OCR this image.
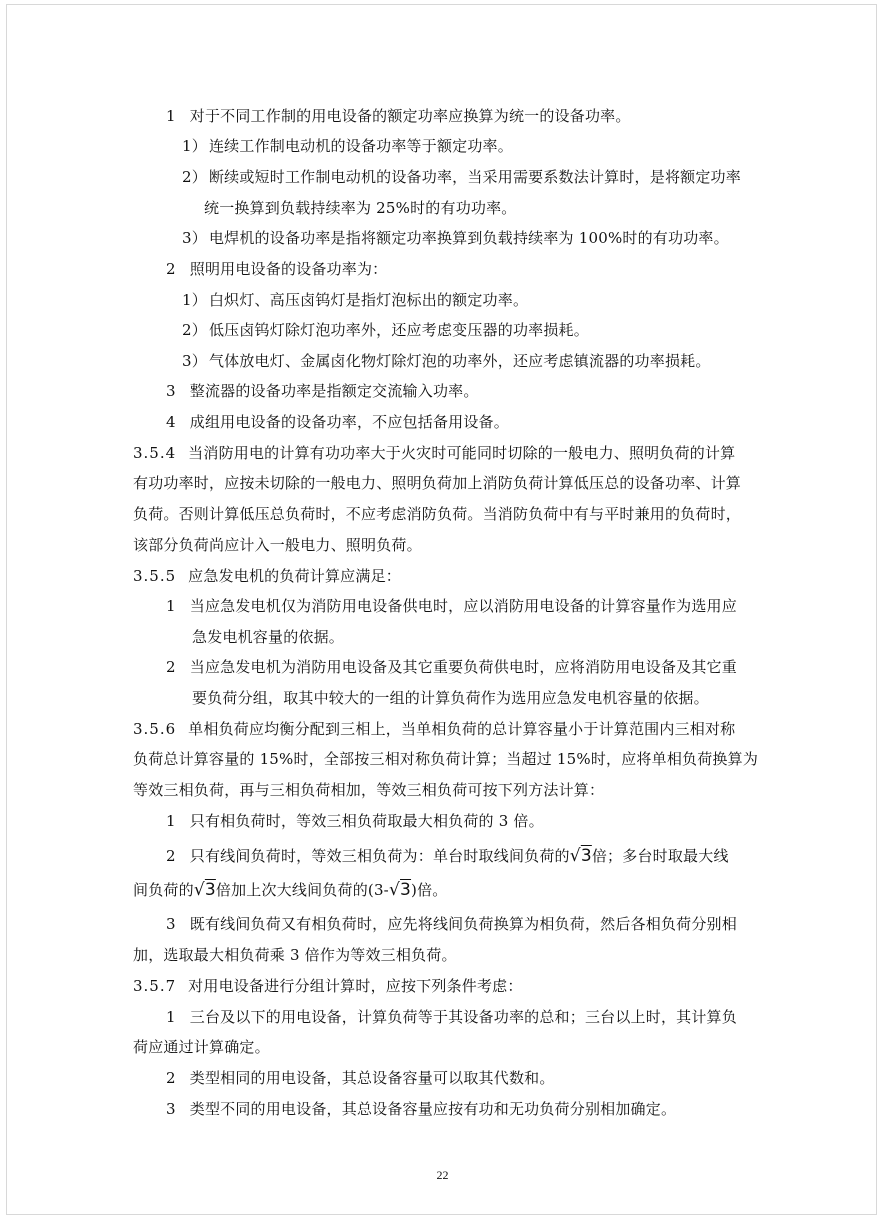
1 对于不同工作制的用电设备的额定功率应换算为统一的设备功率。
1） 连续工作制电动机的设备功率等于额定功率。
2） 断续或短时工作制电动机的设备功率，当采用需要系数法计算时，是将额定功率
统一换算到负载持续率为 25%时的有功功率。
3） 电焊机的设备功率是指将额定功率换算到负载持续率为 100%时的有功功率。
2 照明用电设备的设备功率为：
1） 白炽灯、高压卤钨灯是指灯泡标出的额定功率。
2） 低压卤钨灯除灯泡功率外，还应考虑变压器的功率损耗。
3） 气体放电灯、金属卤化物灯除灯泡的功率外，还应考虑镇流器的功率损耗。
3 整流器的设备功率是指额定交流输入功率。
4 成组用电设备的设备功率，不应包括备用设备。
3.5.4 当消防用电的计算有功功率大于火灾时可能同时切除的一般电力、照明负荷的计算
有功功率时，应按未切除的一般电力、照明负荷加上消防负荷计算低压总的设备功率、计算
负荷。否则计算低压总负荷时，不应考虑消防负荷。当消防负荷中有与平时兼用的负荷时，
该部分负荷尚应计入一般电力、照明负荷。
3.5.5 应急发电机的负荷计算应满足：
1 当应急发电机仅为消防用电设备供电时，应以消防用电设备的计算容量作为选用应
急发电机容量的依据。
2 当应急发电机为消防用电设备及其它重要负荷供电时，应将消防用电设备及其它重
要负荷分组，取其中较大的一组的计算负荷作为选用应急发电机容量的依据。
3.5.6 单相负荷应均衡分配到三相上，当单相负荷的总计算容量小于计算范围内三相对称
负荷总计算容量的 15%时，全部按三相对称负荷计算；当超过 15%时，应将单相负荷换算为
等效三相负荷，再与三相负荷相加，等效三相负荷可按下列方法计算：
1 只有相负荷时，等效三相负荷取最大相负荷的 3 倍。
2 只有线间负荷时，等效三相负荷为：单台时取线间负荷的√3倍；多台时取最大线
间负荷的√3倍加上次大线间负荷的(3-√3)倍。
3 既有线间负荷又有相负荷时，应先将线间负荷换算为相负荷，然后各相负荷分别相
加，选取最大相负荷乘 3 倍作为等效三相负荷。
3.5.7 对用电设备进行分组计算时，应按下列条件考虑：
1 三台及以下的用电设备，计算负荷等于其设备功率的总和；三台以上时，其计算负
荷应通过计算确定。
2 类型相同的用电设备，其总设备容量可以取其代数和。
3 类型不同的用电设备，其总设备容量应按有功和无功负荷分别相加确定。
22
